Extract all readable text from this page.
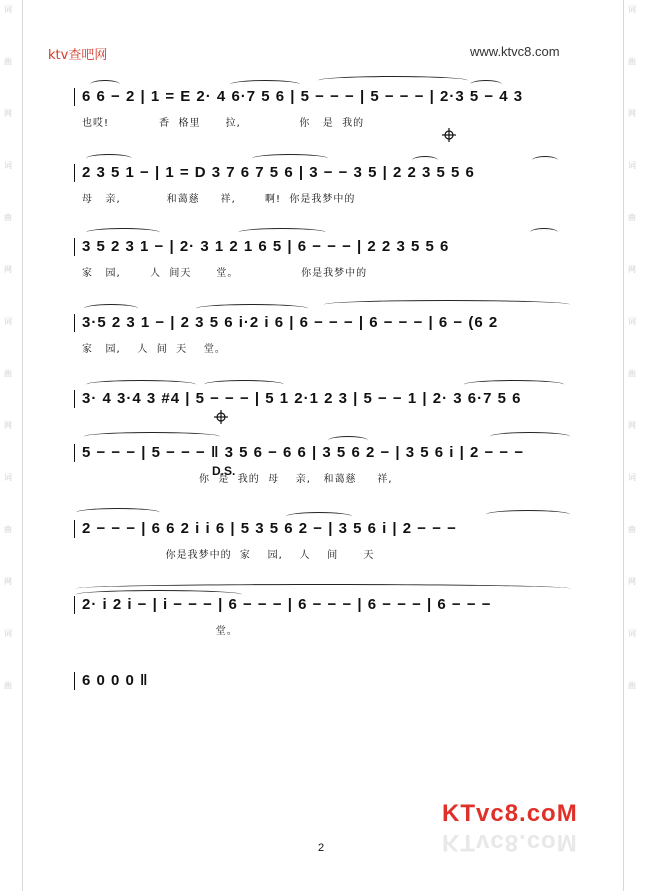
词
曲
网
词
曲
网
词
曲
网
词
曲
网
词
曲
词
曲
网
词
曲
网
词
曲
网
词
曲
网
词
曲
ktv查吧网	www.ktvc8.com
6 6 − 2 | 1 = E 2· 4 6·7 5 6 | 5 − − − | 5 − − − | 2·3 5 − 4 3
也哎!            香  格里      拉,              你   是  我的
2 3 5 1 − | 1 = D 3 7 6 7 5 6 | 3 − − 3 5 | 2 2 3 5 5 6
母   亲,           和蔼慈     祥,       啊!  你是我梦中的
3 5 2 3 1 − | 2· 3 1 2 1 6 5 | 6 − − − | 2 2 3 5 5 6
家   园,       人  间天      堂。               你是我梦中的
3·5 2 3 1 − | 2 3 5 6 i·2 i 6 | 6 − − − | 6 − − − | 6 − (6 2
家   园,    人  间  天    堂。
3· 4 3·4 3 #4 | 5 − − − | 5 1 2·1 2 3 | 5 − − 1 | 2· 3 6·7 5 6
5 − − − | 5 − − − ‖ 3 5 6 − 6 6 | 3 5 6 2 − | 3 5 6 i | 2 − − −
D.S.
你  是  我的  母    亲,   和蔼慈     祥,
2 − − − | 6 6 2 i i 6 | 5 3 5 6 2 − | 3 5 6 i | 2 − − −
你是我梦中的  家    园,    人    间      天
2· i 2 i − | i − − − | 6 − − − | 6 − − − | 6 − − − | 6 − − −
堂。
6 0 0 0 ‖
KTvc8.coM
KTvc8.coM
2
